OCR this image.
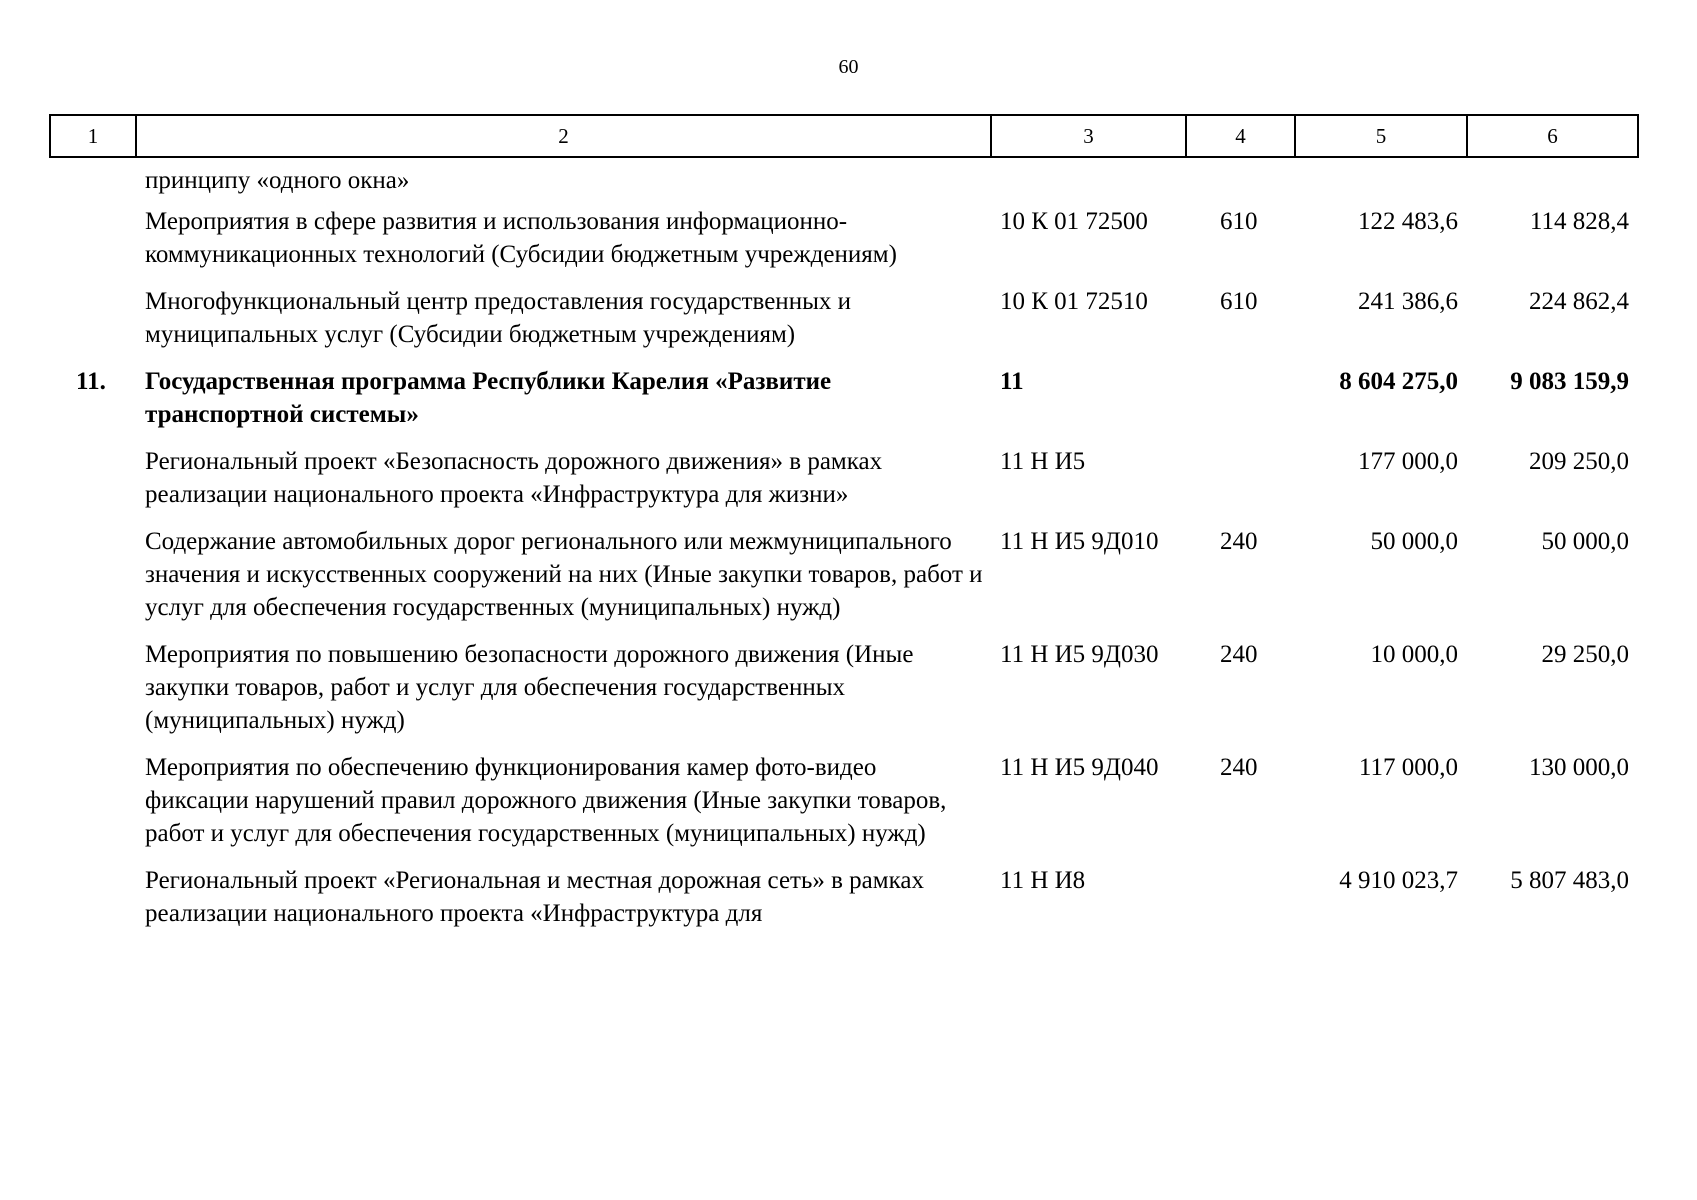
60
1	2	3	4	5	6
	принципу «одного окна»				
	Мероприятия в сфере развития и использования информационно-коммуникационных технологий (Субсидии бюджетным учреждениям)	10 К 01 72500	610	122 483,6	114 828,4
	Многофункциональный центр предоставления государственных и муниципальных услуг (Субсидии бюджетным учреждениям)	10 К 01 72510	610	241 386,6	224 862,4
11.	Государственная программа Республики Карелия «Развитие транспортной системы»	11		8 604 275,0	9 083 159,9
	Региональный проект «Безопасность дорожного движения» в рамках реализации национального проекта «Инфраструктура для жизни»	11 Н И5		177 000,0	209 250,0
	Содержание автомобильных дорог регионального или межмуниципального значения и искусственных сооружений на них (Иные закупки товаров, работ и услуг для обеспечения государственных (муниципальных) нужд)	11 Н И5 9Д010	240	50 000,0	50 000,0
	Мероприятия по повышению безопасности дорожного движения (Иные закупки товаров, работ и услуг для обеспечения государственных (муниципальных) нужд)	11 Н И5 9Д030	240	10 000,0	29 250,0
	Мероприятия по обеспечению функционирования камер фото-видео фиксации нарушений правил дорожного движения (Иные закупки товаров, работ и услуг для обеспечения государственных (муниципальных) нужд)	11 Н И5 9Д040	240	117 000,0	130 000,0
	Региональный проект «Региональная и местная дорожная сеть» в рамках реализации национального проекта «Инфраструктура для	11 Н И8		4 910 023,7	5 807 483,0
